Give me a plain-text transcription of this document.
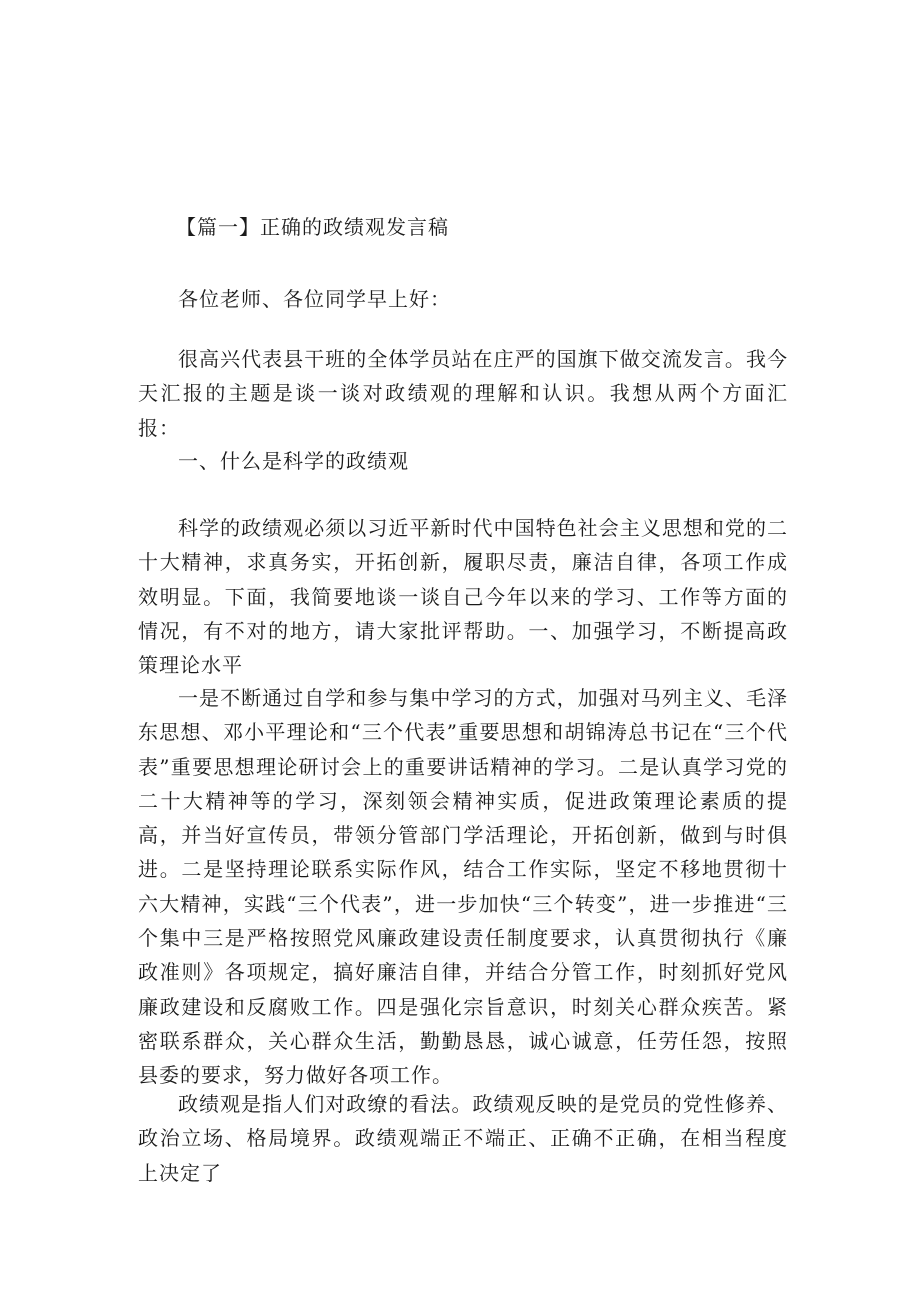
【篇一】正确的政绩观发言稿

各位老师、各位同学早上好：

很高兴代表县干班的全体学员站在庄严的国旗下做交流发言。我今天汇报的主题是谈一谈对政绩观的理解和认识。我想从两个方面汇报：

一、什么是科学的政绩观

科学的政绩观必须以习近平新时代中国特色社会主义思想和党的二十大精神，求真务实，开拓创新，履职尽责，廉洁自律，各项工作成效明显。下面，我简要地谈一谈自己今年以来的学习、工作等方面的情况，有不对的地方，请大家批评帮助。一、加强学习，不断提高政策理论水平

一是不断通过自学和参与集中学习的方式，加强对马列主义、毛泽东思想、邓小平理论和“三个代表”重要思想和胡锦涛总书记在“三个代表”重要思想理论研讨会上的重要讲话精神的学习。二是认真学习党的二十大精神等的学习，深刻领会精神实质，促进政策理论素质的提高，并当好宣传员，带领分管部门学活理论，开拓创新，做到与时俱进。二是坚持理论联系实际作风，结合工作实际，坚定不移地贯彻十六大精神，实践“三个代表”，进一步加快“三个转变”，进一步推进“三个集中三是严格按照党风廉政建设责任制度要求，认真贯彻执行《廉政准则》各项规定，搞好廉洁自律，并结合分管工作，时刻抓好党风廉政建设和反腐败工作。四是强化宗旨意识，时刻关心群众疾苦。紧密联系群众，关心群众生活，勤勤恳恳，诚心诚意，任劳任怨，按照县委的要求，努力做好各项工作。

政绩观是指人们对政缭的看法。政绩观反映的是党员的党性修养、政治立场、格局境界。政绩观端正不端正、正确不正确，在相当程度上决定了
